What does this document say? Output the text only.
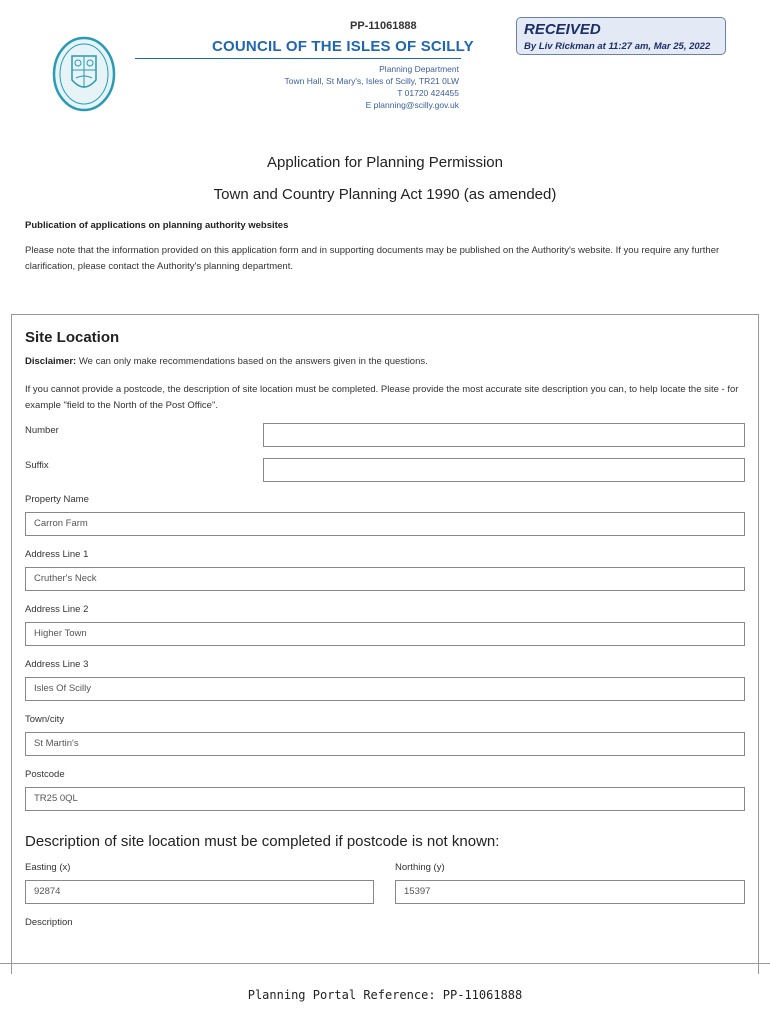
PP-11061888
COUNCIL OF THE ISLES OF SCILLY
Planning Department
Town Hall, St Mary's, Isles of Scilly, TR21 0LW
T 01720 424455
E planning@scilly.gov.uk
RECEIVED
By Liv Rickman at 11:27 am, Mar 25, 2022
Application for Planning Permission
Town and Country Planning Act 1990 (as amended)
Publication of applications on planning authority websites
Please note that the information provided on this application form and in supporting documents may be published on the Authority's website. If you require any further clarification, please contact the Authority's planning department.
Site Location
Disclaimer: We can only make recommendations based on the answers given in the questions.
If you cannot provide a postcode, the description of site location must be completed. Please provide the most accurate site description you can, to help locate the site - for example "field to the North of the Post Office".
Number
Suffix
Property Name
Carron Farm
Address Line 1
Cruther's Neck
Address Line 2
Higher Town
Address Line 3
Isles Of Scilly
Town/city
St Martin's
Postcode
TR25 0QL
Description of site location must be completed if postcode is not known:
Easting (x)
92874
Northing (y)
15397
Description
Planning Portal Reference: PP-11061888
